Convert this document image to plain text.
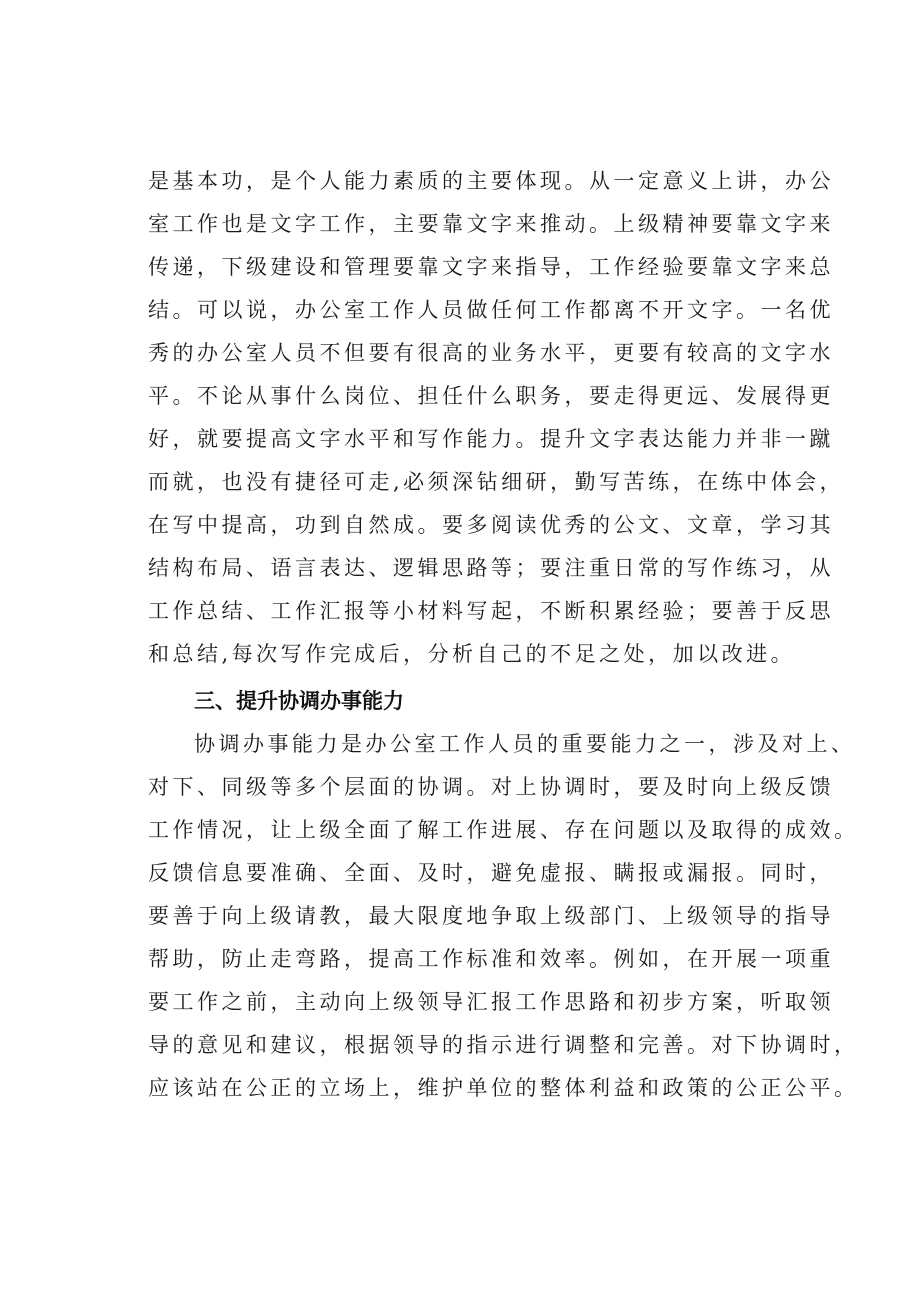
是基本功，是个人能力素质的主要体现。从一定意义上讲，办公
室工作也是文字工作，主要靠文字来推动。上级精神要靠文字来
传递，下级建设和管理要靠文字来指导，工作经验要靠文字来总
结。可以说，办公室工作人员做任何工作都离不开文字。一名优
秀的办公室人员不但要有很高的业务水平，更要有较高的文字水
平。不论从事什么岗位、担任什么职务，要走得更远、发展得更
好，就要提高文字水平和写作能力。提升文字表达能力并非一蹴
而就，也没有捷径可走,必须深钻细研，勤写苦练，在练中体会，
在写中提高，功到自然成。要多阅读优秀的公文、文章，学习其
结构布局、语言表达、逻辑思路等；要注重日常的写作练习，从
工作总结、工作汇报等小材料写起，不断积累经验；要善于反思
和总结,每次写作完成后，分析自己的不足之处，加以改进。
三、提升协调办事能力
协调办事能力是办公室工作人员的重要能力之一，涉及对上、
对下、同级等多个层面的协调。对上协调时，要及时向上级反馈
工作情况，让上级全面了解工作进展、存在问题以及取得的成效。
反馈信息要准确、全面、及时，避免虚报、瞒报或漏报。同时，
要善于向上级请教，最大限度地争取上级部门、上级领导的指导
帮助，防止走弯路，提高工作标准和效率。例如，在开展一项重
要工作之前，主动向上级领导汇报工作思路和初步方案，听取领
导的意见和建议，根据领导的指示进行调整和完善。对下协调时，
应该站在公正的立场上，维护单位的整体利益和政策的公正公平。
